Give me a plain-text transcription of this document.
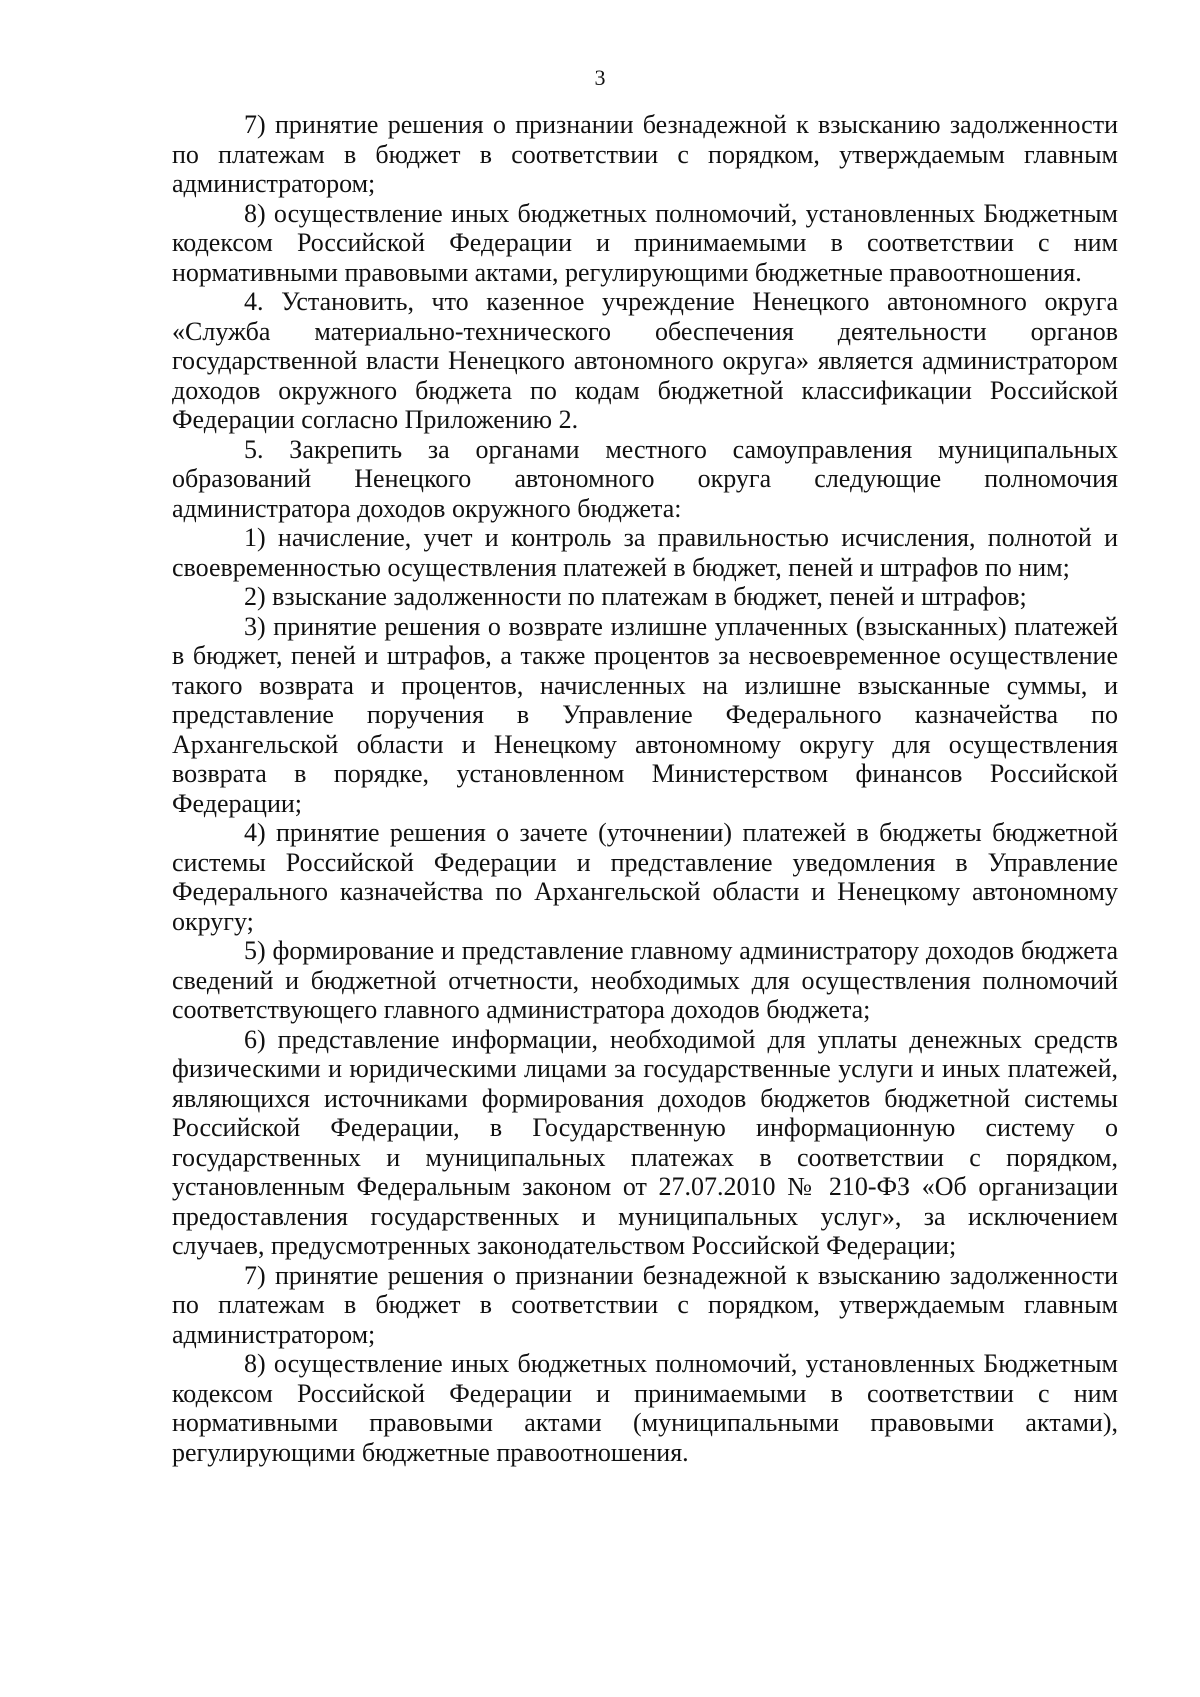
3

7) принятие решения о признании безнадежной к взысканию задолженности по платежам в бюджет в соответствии с порядком, утверждаемым главным администратором;

8) осуществление иных бюджетных полномочий, установленных Бюджетным кодексом Российской Федерации и принимаемыми в соответствии с ним нормативными правовыми актами, регулирующими бюджетные правоотношения.

4. Установить, что казенное учреждение Ненецкого автономного округа «Служба материально-технического обеспечения деятельности органов государственной власти Ненецкого автономного округа» является администратором доходов окружного бюджета по кодам бюджетной классификации Российской Федерации согласно Приложению 2.

5. Закрепить за органами местного самоуправления муниципальных образований Ненецкого автономного округа следующие полномочия администратора доходов окружного бюджета:

1) начисление, учет и контроль за правильностью исчисления, полнотой и своевременностью осуществления платежей в бюджет, пеней и штрафов по ним;

2) взыскание задолженности по платежам в бюджет, пеней и штрафов;

3) принятие решения о возврате излишне уплаченных (взысканных) платежей в бюджет, пеней и штрафов, а также процентов за несвоевременное осуществление такого возврата и процентов, начисленных на излишне взысканные суммы, и представление поручения в Управление Федерального казначейства по Архангельской области и Ненецкому автономному округу для осуществления возврата в порядке, установленном Министерством финансов Российской Федерации;

4) принятие решения о зачете (уточнении) платежей в бюджеты бюджетной системы Российской Федерации и представление уведомления в Управление Федерального казначейства по Архангельской области и Ненецкому автономному округу;

5) формирование и представление главному администратору доходов бюджета сведений и бюджетной отчетности, необходимых для осуществления полномочий соответствующего главного администратора доходов бюджета;

6) представление информации, необходимой для уплаты денежных средств физическими и юридическими лицами за государственные услуги и иных платежей, являющихся источниками формирования доходов бюджетов бюджетной системы Российской Федерации, в Государственную информационную систему о государственных и муниципальных платежах в соответствии с порядком, установленным Федеральным законом от 27.07.2010 № 210-ФЗ «Об организации предоставления государственных и муниципальных услуг», за исключением случаев, предусмотренных законодательством Российской Федерации;

7) принятие решения о признании безнадежной к взысканию задолженности по платежам в бюджет в соответствии с порядком, утверждаемым главным администратором;

8) осуществление иных бюджетных полномочий, установленных Бюджетным кодексом Российской Федерации и принимаемыми в соответствии с ним нормативными правовыми актами (муниципальными правовыми актами), регулирующими бюджетные правоотношения.
